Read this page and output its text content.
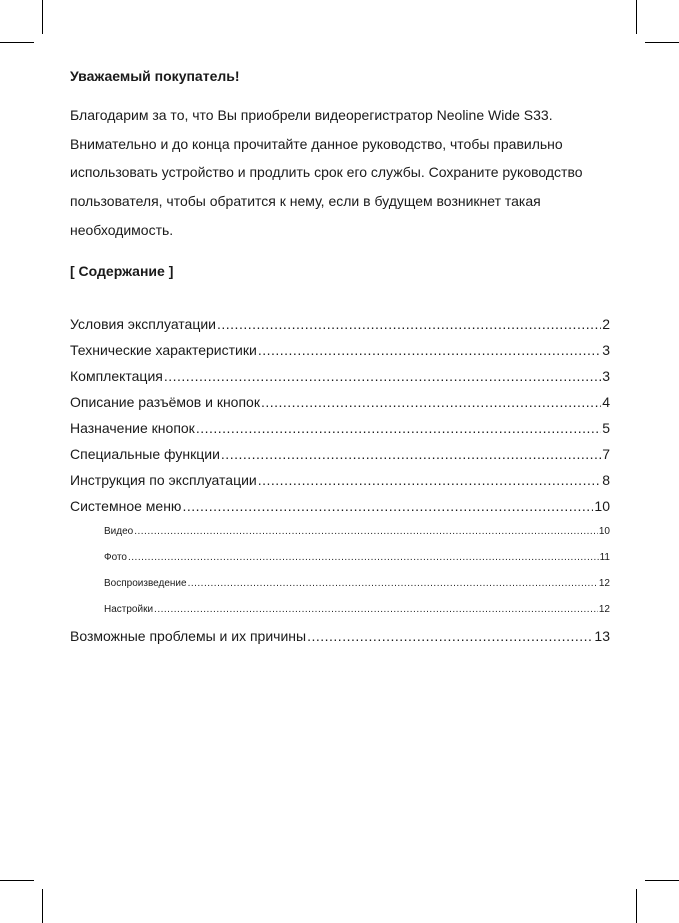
Уважаемый покупатель!
Благодарим за то, что Вы приобрели видеорегистратор Neoline Wide S33.
Внимательно и до конца прочитайте данное руководство, чтобы правильно
использовать устройство и продлить срок его службы. Сохраните руководство
пользователя, чтобы обратится к нему, если в будущем возникнет такая
необходимость.
[ Содержание ]
Условия эксплуатации .....	2
Технические характеристики .....	3
Комплектация .....	3
Описание разъёмов и кнопок .....	4
Назначение кнопок .....	5
Специальные функции .....	7
Инструкция по эксплуатации .....	8
Системное меню .....	10
Видео .....	10
Фото .....	11
Воспроизведение .....	12
Настройки .....	12
Возможные проблемы и их причины .....	13
